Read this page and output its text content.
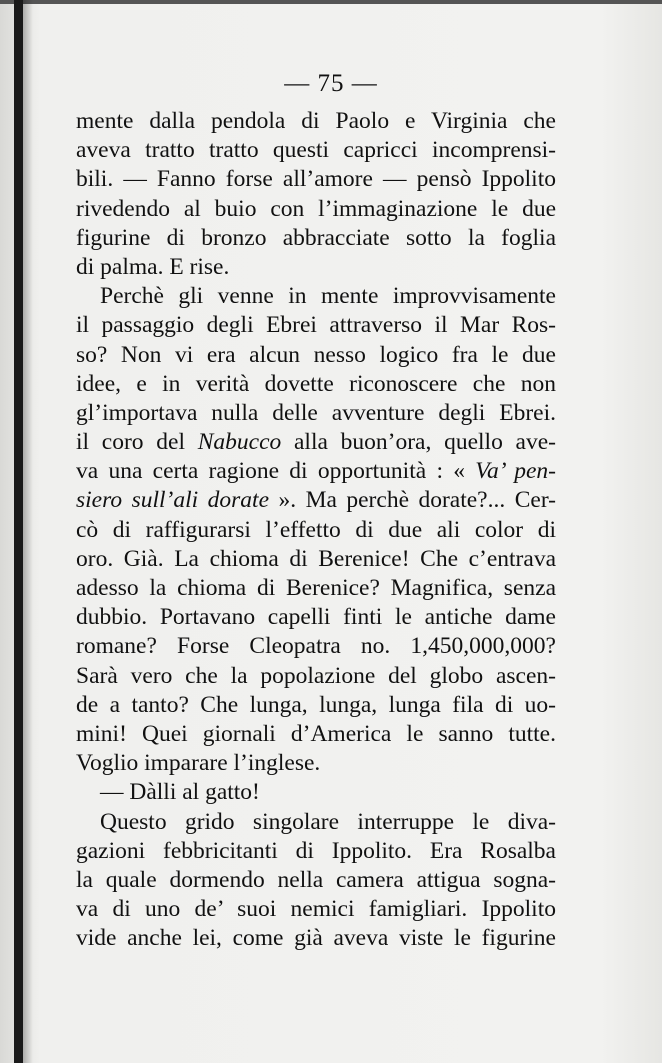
— 75 —
mente dalla pendola di Paolo e Virginia che
aveva tratto tratto questi capricci incomprensi-
bili. — Fanno forse all’amore — pensò Ippolito
rivedendo al buio con l’immaginazione le due
figurine di bronzo abbracciate sotto la foglia
di palma. E rise.
Perchè gli venne in mente improvvisamente
il passaggio degli Ebrei attraverso il Mar Ros-
so? Non vi era alcun nesso logico fra le due
idee, e in verità dovette riconoscere che non
gl’importava nulla delle avventure degli Ebrei.
il coro del Nabucco alla buon’ora, quello ave-
va una certa ragione di opportunità : « Va’ pen-
siero sull’ali dorate ». Ma perchè dorate?... Cer-
cò di raffigurarsi l’effetto di due ali color di
oro. Già. La chioma di Berenice! Che c’entrava
adesso la chioma di Berenice? Magnifica, senza
dubbio. Portavano capelli finti le antiche dame
romane? Forse Cleopatra no. 1,450,000,000?
Sarà vero che la popolazione del globo ascen-
de a tanto? Che lunga, lunga, lunga fila di uo-
mini! Quei giornali d’America le sanno tutte.
Voglio imparare l’inglese.
— Dàlli al gatto!
Questo grido singolare interruppe le diva-
gazioni febbricitanti di Ippolito. Era Rosalba
la quale dormendo nella camera attigua sogna-
va di uno de’ suoi nemici famigliari. Ippolito
vide anche lei, come già aveva viste le figurine
